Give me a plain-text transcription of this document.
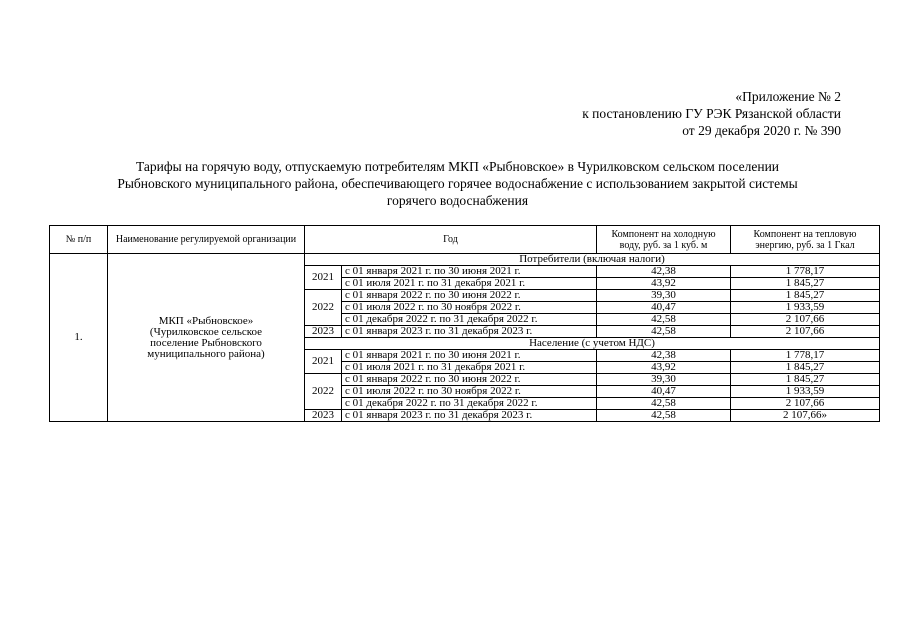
«Приложение № 2
к постановлению ГУ РЭК Рязанской области
от 29 декабря 2020 г. № 390
Тарифы на горячую воду, отпускаемую потребителям МКП «Рыбновское» в Чурилковском сельском поселении
Рыбновского муниципального района, обеспечивающего горячее водоснабжение с использованием закрытой системы
горячего водоснабжения
№ п/п	Наименование регулируемой организации	Год		Компонент на холодную воду, руб. за 1 куб. м	Компонент на тепловую энергию, руб. за 1 Гкал
1.	МКП «Рыбновское»
(Чурилковское сельское
поселение Рыбновского
муниципального района)	Потребители (включая налоги)			
		2021	с 01 января 2021 г. по 30 июня 2021 г.	42,38	1 778,17
			с 01 июля 2021 г. по 31 декабря 2021 г.	43,92	1 845,27
		2022	с 01 января 2022 г. по 30 июня 2022 г.	39,30	1 845,27
			с 01 июля 2022 г. по 30 ноября 2022 г.	40,47	1 933,59
			с 01 декабря 2022 г. по 31 декабря 2022 г.	42,58	2 107,66
		2023	с 01 января 2023 г. по 31 декабря 2023 г.	42,58	2 107,66
		Население (с учетом НДС)			
		2021	с 01 января 2021 г. по 30 июня 2021 г.	42,38	1 778,17
			с 01 июля 2021 г. по 31 декабря 2021 г.	43,92	1 845,27
		2022	с 01 января 2022 г. по 30 июня 2022 г.	39,30	1 845,27
			с 01 июля 2022 г. по 30 ноября 2022 г.	40,47	1 933,59
			с 01 декабря 2022 г. по 31 декабря 2022 г.	42,58	2 107,66
		2023	с 01 января 2023 г. по 31 декабря 2023 г.	42,58	2 107,66»
